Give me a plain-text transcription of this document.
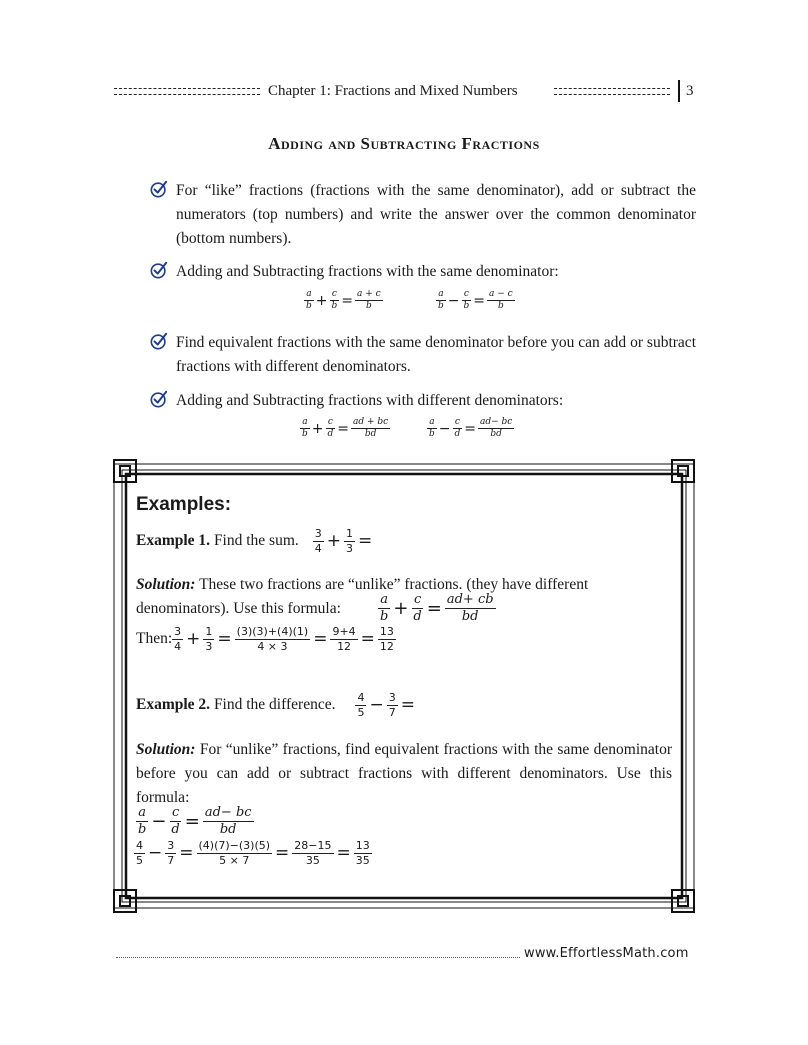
Chapter 1: Fractions and Mixed Numbers	3
Adding and Subtracting Fractions
For “like” fractions (fractions with the same denominator), add or subtract the numerators (top numbers) and write the answer over the common denominator (bottom numbers).
Adding and Subtracting fractions with the same denominator:
$\frac{a}{b} + \frac{c}{b} = \frac{a + c}{b}$	$\frac{a}{b} - \frac{c}{b} = \frac{a - c}{b}$
Find equivalent fractions with the same denominator before you can add or subtract fractions with different denominators.
Adding and Subtracting fractions with different denominators:
$\frac{a}{b} + \frac{c}{d} = \frac{ad + bc}{bd}$	$\frac{a}{b} - \frac{c}{d} = \frac{ad- bc}{bd}$
Examples:
Example 1.
Find the sum. $\frac{3}{4} + \frac{1}{3}$ =
Solution: These two fractions are “unlike” fractions. (they have different denominators). Use this formula:	$\frac{a}{b} + \frac{c}{d} = \frac{ad+ cb}{bd}$
Then: $\frac{3}{4} + \frac{1}{3} = \frac{(3)(3)+(4)(1)}{4 \times 3} = \frac{9+4}{12} = \frac{13}{12}$
Example 2.
Find the difference. $\frac{4}{5} - \frac{3}{7}$ =
Solution: For “unlike” fractions, find equivalent fractions with the same denominator before you can add or subtract fractions with different denominators. Use this formula:
$\frac{a}{b} - \frac{c}{d} = \frac{ad- bc}{bd}$
$\frac{4}{5} - \frac{3}{7} = \frac{(4)(7)-(3)(5)}{5 \times 7} = \frac{28-15}{35} = \frac{13}{35}$
www.EffortlessMath.com
